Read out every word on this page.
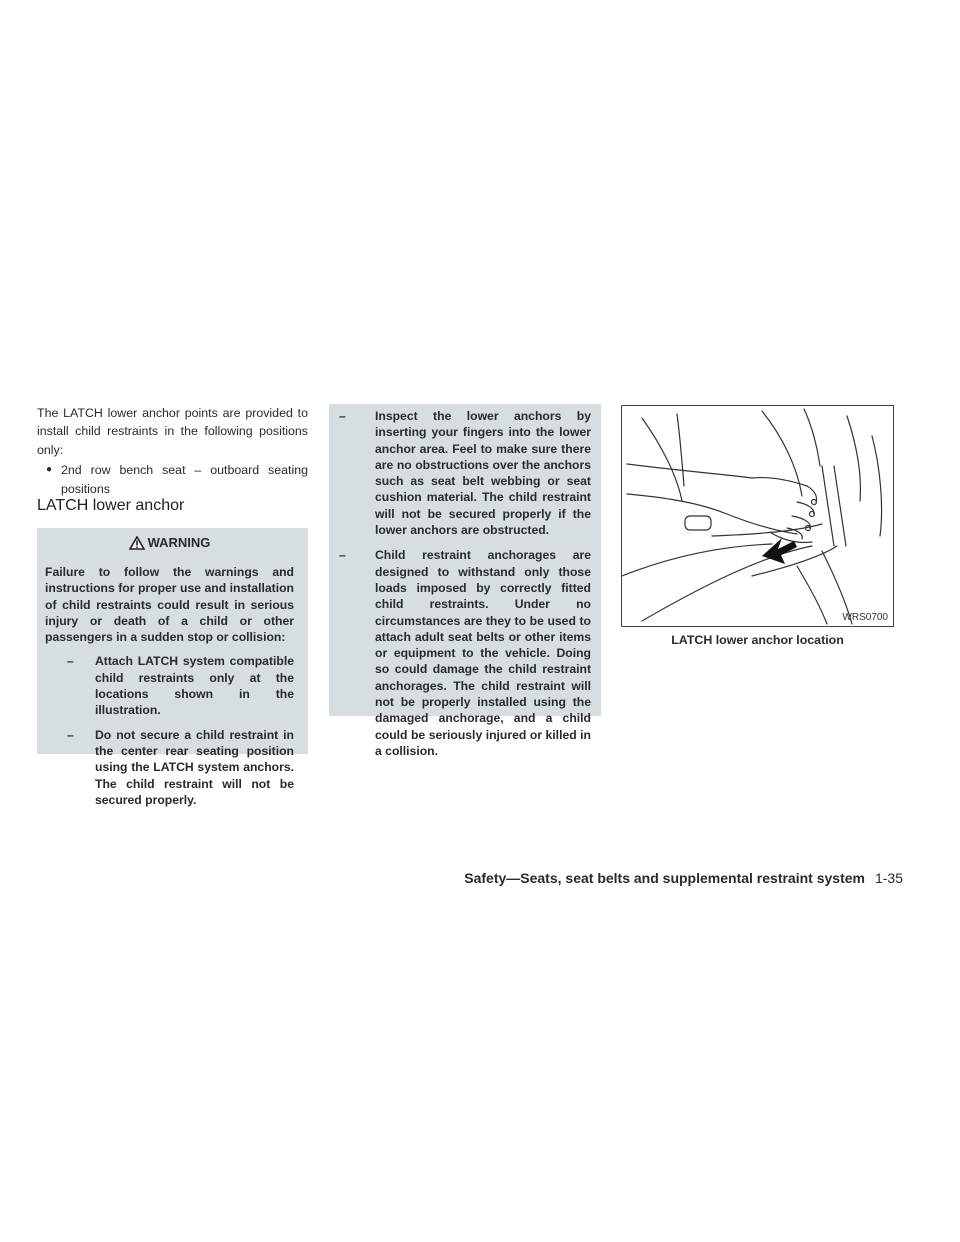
The LATCH lower anchor points are provided to install child restraints in the following positions only:

● 2nd row bench seat – outboard seating positions
LATCH lower anchor
WARNING
Failure to follow the warnings and instructions for proper use and installation of child restraints could result in serious injury or death of a child or other passengers in a sudden stop or collision:
–	Attach LATCH system compatible child restraints only at the locations shown in the illustration.
–	Do not secure a child restraint in the center rear seating position using the LATCH system anchors. The child restraint will not be secured properly.
–	Inspect the lower anchors by inserting your fingers into the lower anchor area. Feel to make sure there are no obstructions over the anchors such as seat belt webbing or seat cushion material. The child restraint will not be secured properly if the lower anchors are obstructed.
–	Child restraint anchorages are designed to withstand only those loads imposed by correctly fitted child restraints. Under no circumstances are they to be used to attach adult seat belts or other items or equipment to the vehicle. Doing so could damage the child restraint anchorages. The child restraint will not be properly installed using the damaged anchorage, and a child could be seriously injured or killed in a collision.
WRS0700
LATCH lower anchor location
Safety—Seats, seat belts and supplemental restraint system 1-35
